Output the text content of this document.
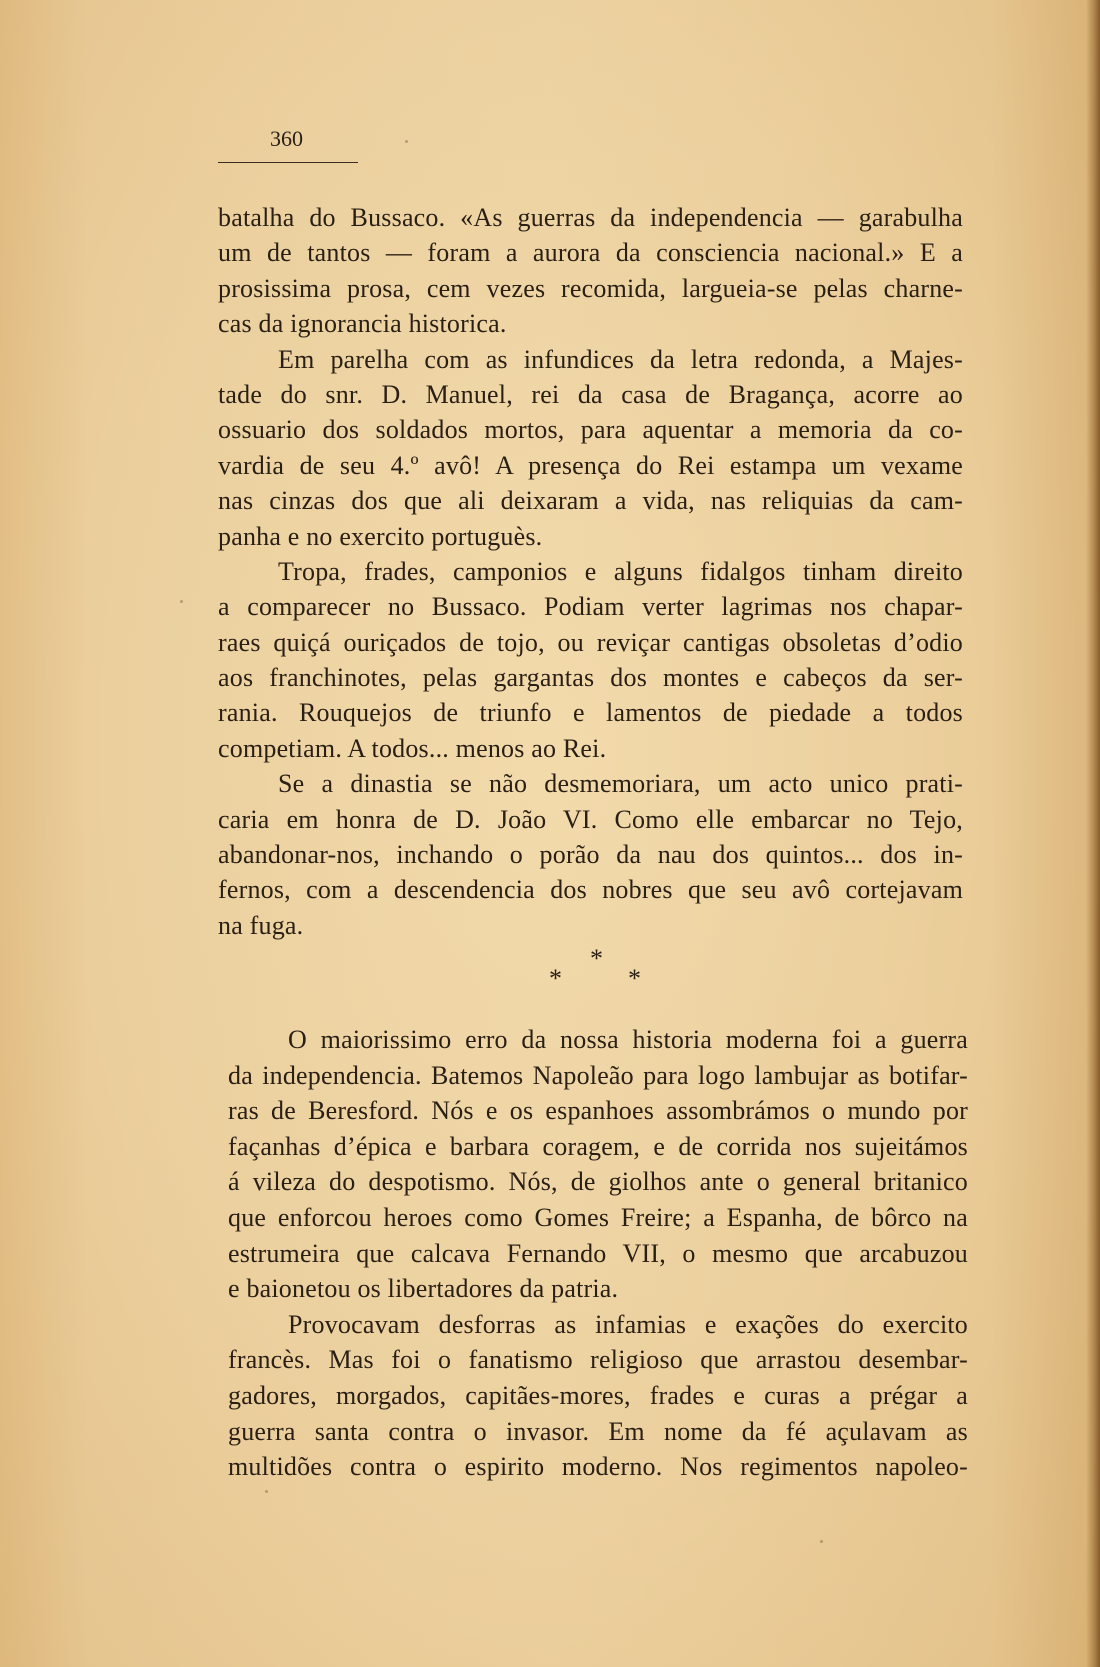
360
batalha do Bussaco. «As guerras da independencia — garabulha
um de tantos — foram a aurora da consciencia nacional.» E a
prosissima prosa, cem vezes recomida, largueia-se pelas charne-
cas da ignorancia historica.
Em parelha com as infundices da letra redonda, a Majes-
tade do snr. D. Manuel, rei da casa de Bragança, acorre ao
ossuario dos soldados mortos, para aquentar a memoria da co-
vardia de seu 4.º avô! A presença do Rei estampa um vexame
nas cinzas dos que ali deixaram a vida, nas reliquias da cam-
panha e no exercito portuguès.
Tropa, frades, camponios e alguns fidalgos tinham direito
a comparecer no Bussaco. Podiam verter lagrimas nos chapar-
raes quiçá ouriçados de tojo, ou reviçar cantigas obsoletas d’odio
aos franchinotes, pelas gargantas dos montes e cabeços da ser-
rania. Rouquejos de triunfo e lamentos de piedade a todos
competiam. A todos... menos ao Rei.
Se a dinastia se não desmemoriara, um acto unico prati-
caria em honra de D. João VI. Como elle embarcar no Tejo,
abandonar-nos, inchando o porão da nau dos quintos... dos in-
fernos, com a descendencia dos nobres que seu avô cortejavam
na fuga.
*
*	*
O maiorissimo erro da nossa historia moderna foi a guerra
da independencia. Batemos Napoleão para logo lambujar as botifar-
ras de Beresford. Nós e os espanhoes assombrámos o mundo por
façanhas d’épica e barbara coragem, e de corrida nos sujeitámos
á vileza do despotismo. Nós, de giolhos ante o general britanico
que enforcou heroes como Gomes Freire; a Espanha, de bôrco na
estrumeira que calcava Fernando VII, o mesmo que arcabuzou
e baionetou os libertadores da patria.
Provocavam desforras as infamias e exações do exercito
francès. Mas foi o fanatismo religioso que arrastou desembar-
gadores, morgados, capitães-mores, frades e curas a prégar a
guerra santa contra o invasor. Em nome da fé açulavam as
multidões contra o espirito moderno. Nos regimentos napoleo-
